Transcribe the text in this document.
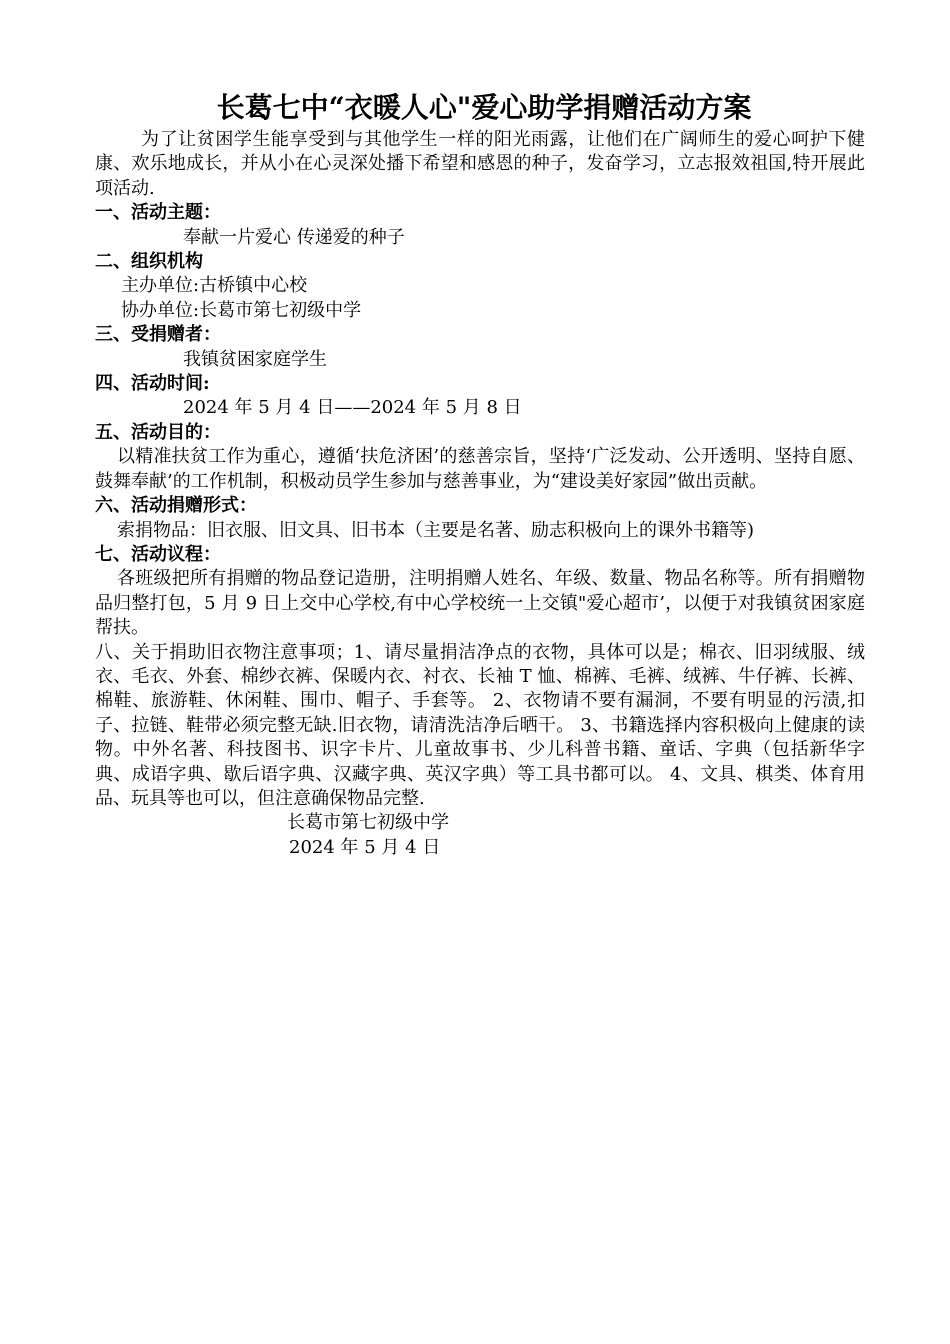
长葛七中“衣暖人心"爱心助学捐赠活动方案

为了让贫困学生能享受到与其他学生一样的阳光雨露，让他们在广阔师生的爱心呵护下健康、欢乐地成长，并从小在心灵深处播下希望和感恩的种子，发奋学习，立志报效祖国,特开展此项活动.

一、活动主题：

奉献一片爱心 传递爱的种子

二、组织机构

主办单位:古桥镇中心校

协办单位:长葛市第七初级中学

三、受捐赠者：

我镇贫困家庭学生

四、活动时间:

2024 年 5 月 4 日——2024 年 5 月 8 日

五、活动目的：

以精准扶贫工作为重心，遵循‘扶危济困’的慈善宗旨，坚持‘广泛发动、公开透明、坚持自愿、鼓舞奉献’的工作机制，积极动员学生参加与慈善事业，为“建设美好家园”做出贡献。

六、活动捐赠形式：

索捐物品：旧衣服、旧文具、旧书本（主要是名著、励志积极向上的课外书籍等)

七、活动议程：

各班级把所有捐赠的物品登记造册，注明捐赠人姓名、年级、数量、物品名称等。所有捐赠物品归整打包，5 月 9 日上交中心学校,有中心学校统一上交镇"爱心超市’，以便于对我镇贫困家庭帮扶。

八、关于捐助旧衣物注意事项；1、请尽量捐洁净点的衣物，具体可以是；棉衣、旧羽绒服、绒衣、毛衣、外套、棉纱衣裤、保暖内衣、衬衣、长袖 T 恤、棉裤、毛裤、绒裤、牛仔裤、长裤、棉鞋、旅游鞋、休闲鞋、围巾、帽子、手套等。 2、衣物请不要有漏洞，不要有明显的污渍,扣子、拉链、鞋带必须完整无缺.旧衣物，请清洗洁净后晒干。 3、书籍选择内容积极向上健康的读物。中外名著、科技图书、识字卡片、儿童故事书、少儿科普书籍、童话、字典（包括新华字典、成语字典、歇后语字典、汉藏字典、英汉字典）等工具书都可以。 4、文具、棋类、体育用品、玩具等也可以，但注意确保物品完整.

长葛市第七初级中学

2024 年 5 月 4 日
